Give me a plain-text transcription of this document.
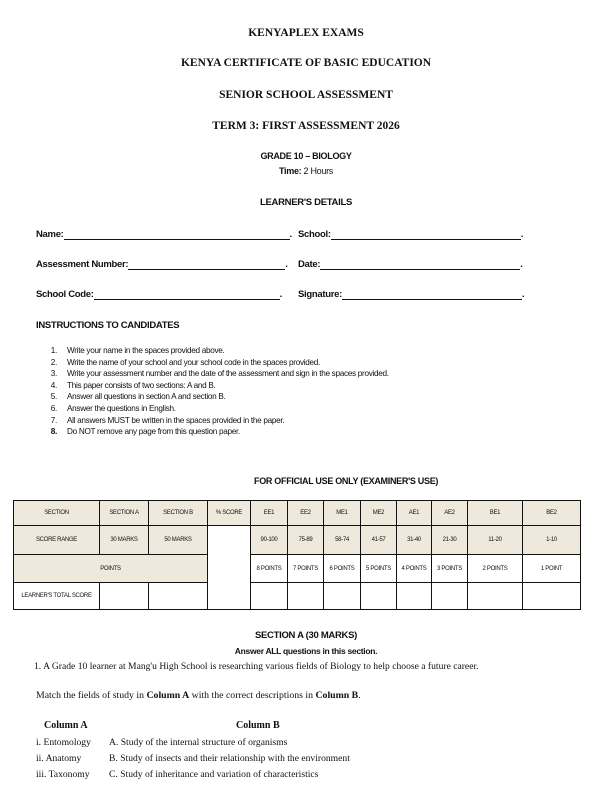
KENYAPLEX EXAMS
KENYA CERTIFICATE OF BASIC EDUCATION
SENIOR SCHOOL ASSESSMENT
TERM 3: FIRST ASSESSMENT 2026
GRADE 10 – BIOLOGY
Time: 2 Hours
LEARNER'S DETAILS
Name:	. School:	.
Assessment Number:	. Date:	.
School Code:	. Signature:	.
INSTRUCTIONS TO CANDIDATES
1.	Write your name in the spaces provided above.
2.	Write the name of your school and your school code in the spaces provided.
3.	Write your assessment number and the date of the assessment and sign in the spaces provided.
4.	This paper consists of two sections: A and B.
5.	Answer all questions in section A and section B.
6.	Answer the questions in English.
7.	All answers MUST be written in the spaces provided in the paper.
8.	Do NOT remove any page from this question paper.
FOR OFFICIAL USE ONLY (EXAMINER'S USE)
SECTION	SECTION A	SECTION B	% SCORE	EE1	EE2	ME1	ME2	AE1	AE2	BE1	BE2
SCORE RANGE	30 MARKS	50 MARKS		90-100	75-89	58-74	41-57	31-40	21-30	11-20	1-10
POINTS				8 POINTS	7 POINTS	6 POINTS	5 POINTS	4 POINTS	3 POINTS	2 POINTS	1 POINT
LEARNER'S TOTAL SCORE											
SECTION A (30 MARKS)
Answer ALL questions in this section.
1. A Grade 10 learner at Mang'u High School is researching various fields of Biology to help choose a future career.
Match the fields of study in Column A with the correct descriptions in Column B.
Column A	Column B
i. Entomology A. Study of the internal structure of organisms
ii. Anatomy	B. Study of insects and their relationship with the environment
iii. Taxonomy C. Study of inheritance and variation of characteristics
